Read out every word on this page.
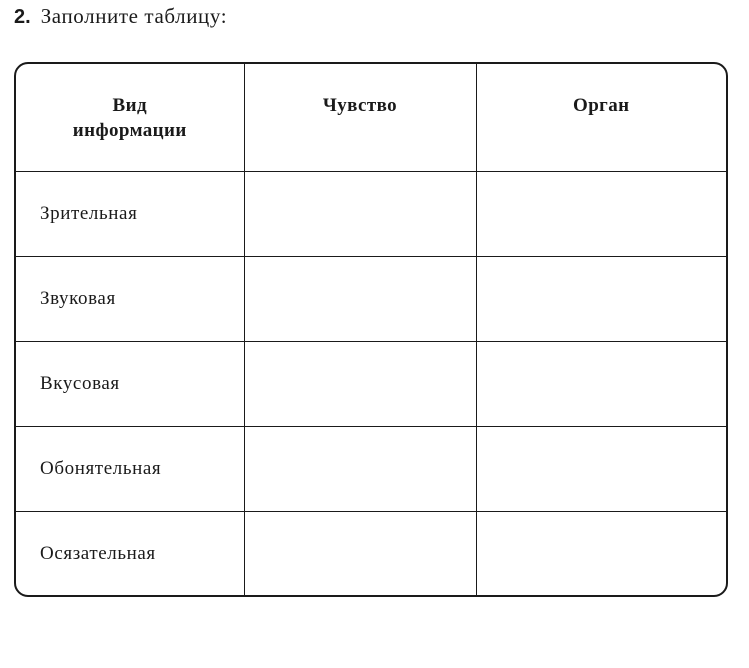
2. Заполните таблицу:
Вид
информации	Чувство	Орган
Зрительная		
Звуковая		
Вкусовая		
Обонятельная		
Осязательная		
